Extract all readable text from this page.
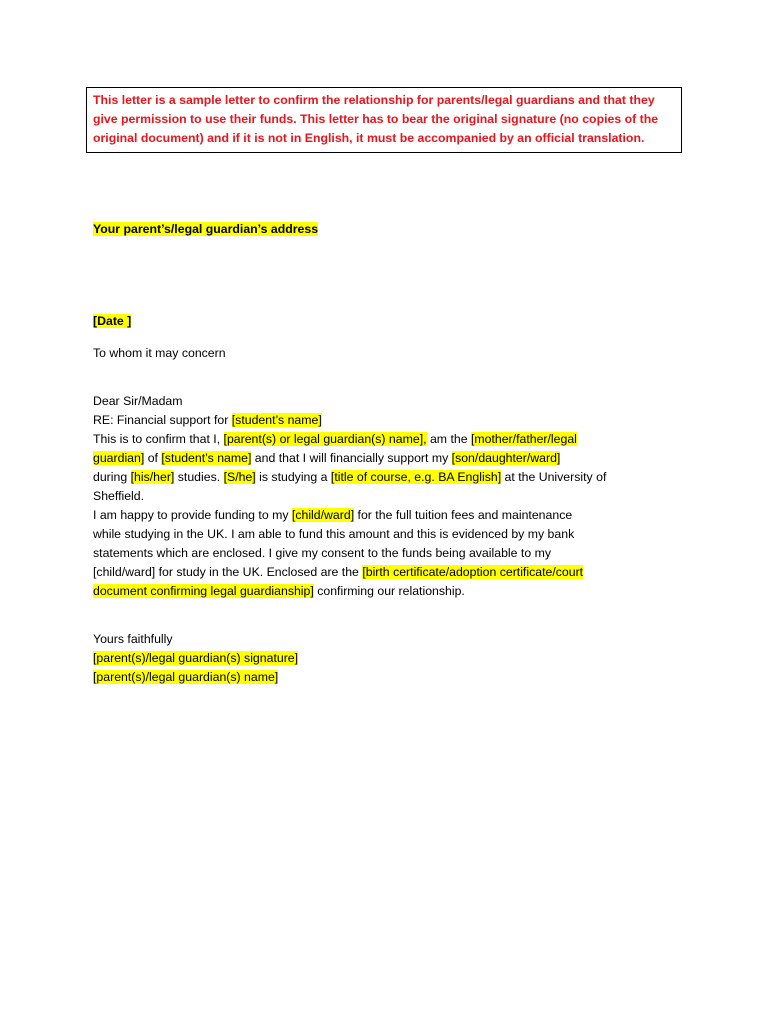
This letter is a sample letter to confirm the relationship for parents/legal guardians and that they
give permission to use their funds. This letter has to bear the original signature (no copies of the
original document) and if it is not in English, it must be accompanied by an official translation.
Your parent’s/legal guardian’s address
[Date ]
To whom it may concern
Dear Sir/Madam
RE: Financial support for [student’s name]
This is to confirm that I, [parent(s) or legal guardian(s) name], am the [mother/father/legal
guardian] of [student’s name] and that I will financially support my [son/daughter/ward]
during [his/her] studies. [S/he] is studying a [title of course, e.g. BA English] at the University of
Sheffield.
I am happy to provide funding to my [child/ward] for the full tuition fees and maintenance
while studying in the UK. I am able to fund this amount and this is evidenced by my bank
statements which are enclosed. I give my consent to the funds being available to my
[child/ward] for study in the UK. Enclosed are the [birth certificate/adoption certificate/court
document confirming legal guardianship] confirming our relationship.
Yours faithfully
[parent(s)/legal guardian(s) signature]
[parent(s)/legal guardian(s) name]
